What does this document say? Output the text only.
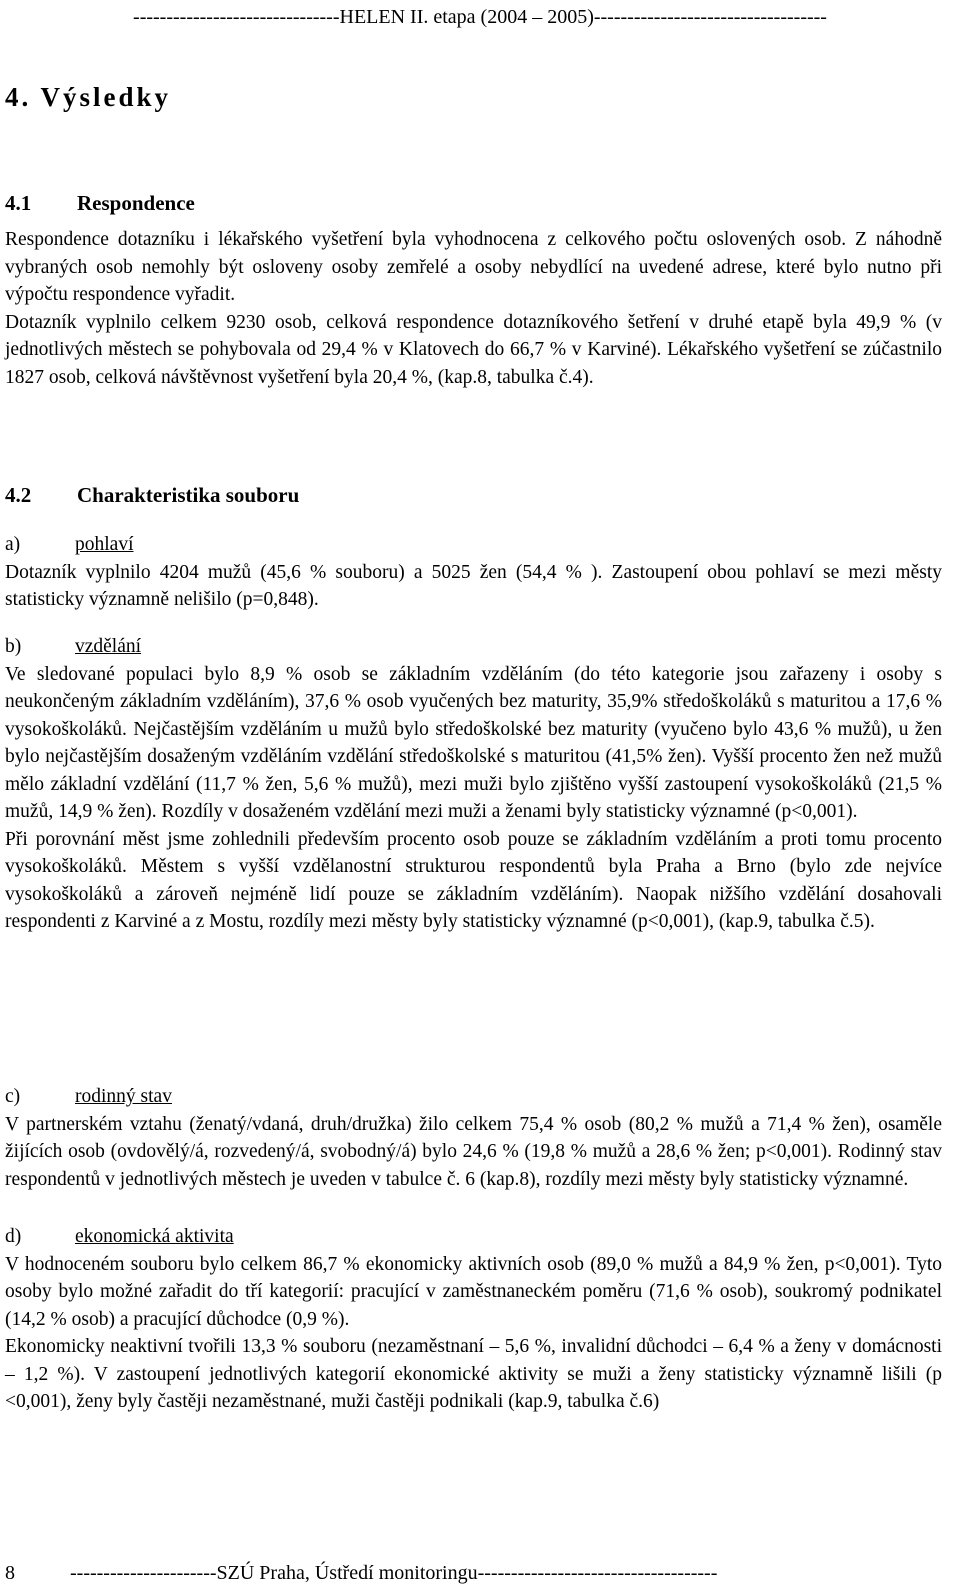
-------------------------------HELEN II. etapa (2004 – 2005)-----------------------------------
4. Výsledky
4.1 Respondence

Respondence dotazníku i lékařského vyšetření byla vyhodnocena z celkového počtu oslovených osob. Z náhodně vybraných osob nemohly být osloveny osoby zemřelé a osoby nebydlící na uvedené adrese, které bylo nutno při výpočtu respondence vyřadit.

Dotazník vyplnilo celkem 9230 osob, celková respondence dotazníkového šetření v druhé etapě byla 49,9 % (v jednotlivých městech se pohybovala od 29,4 % v Klatovech do 66,7 % v Karviné). Lékařského vyšetření se zúčastnilo 1827 osob, celková návštěvnost vyšetření byla 20,4 %, (kap.8, tabulka č.4).

4.2 Charakteristika souboru
a)	pohlaví

Dotazník vyplnilo 4204 mužů (45,6 % souboru) a 5025 žen (54,4 % ). Zastoupení obou pohlaví se mezi městy statisticky významně nelišilo (p=0,848).

b)	vzdělání

Ve sledované populaci bylo 8,9 % osob se základním vzděláním (do této kategorie jsou zařazeny i osoby s neukončeným základním vzděláním), 37,6 % osob vyučených bez maturity, 35,9% středoškoláků s maturitou a 17,6 % vysokoškoláků. Nejčastějším vzděláním u mužů bylo středoškolské bez maturity (vyučeno bylo 43,6 % mužů), u žen bylo nejčastějším dosaženým vzděláním vzdělání středoškolské s maturitou (41,5% žen). Vyšší procento žen než mužů mělo základní vzdělání (11,7 % žen, 5,6 % mužů), mezi muži bylo zjištěno vyšší zastoupení vysokoškoláků (21,5 % mužů, 14,9 % žen). Rozdíly v dosaženém vzdělání mezi muži a ženami byly statisticky významné (p<0,001).

Při porovnání měst jsme zohlednili především procento osob pouze se základním vzděláním a proti tomu procento vysokoškoláků. Městem s vyšší vzdělanostní strukturou respondentů byla Praha a Brno (bylo zde nejvíce vysokoškoláků a zároveň nejméně lidí pouze se základním vzděláním). Naopak nižšího vzdělání dosahovali respondenti z Karviné a z Mostu, rozdíly mezi městy byly statisticky významné (p<0,001), (kap.9, tabulka č.5).

c)	rodinný stav

V partnerském vztahu (ženatý/vdaná, druh/družka) žilo celkem 75,4 % osob (80,2 % mužů a 71,4 % žen), osaměle žijících osob (ovdovělý/á, rozvedený/á, svobodný/á) bylo 24,6 % (19,8 % mužů a 28,6 % žen; p<0,001). Rodinný stav respondentů v jednotlivých městech je uveden v tabulce č. 6 (kap.8), rozdíly mezi městy byly statisticky významné.

d)	ekonomická aktivita

V hodnoceném souboru bylo celkem 86,7 % ekonomicky aktivních osob (89,0 % mužů a 84,9 % žen, p<0,001). Tyto osoby bylo možné zařadit do tří kategorií: pracující v zaměstnaneckém poměru (71,6 % osob), soukromý podnikatel (14,2 % osob) a pracující důchodce (0,9 %).

Ekonomicky neaktivní tvořili 13,3 % souboru (nezaměstnaní – 5,6 %, invalidní důchodci – 6,4 % a ženy v domácnosti – 1,2 %). V zastoupení jednotlivých kategorií ekonomické aktivity se muži a ženy statisticky významně lišili (p <0,001), ženy byly častěji nezaměstnané, muži častěji podnikali (kap.9, tabulka č.6)

8	----------------------SZÚ Praha, Ústředí monitoringu------------------------------------
